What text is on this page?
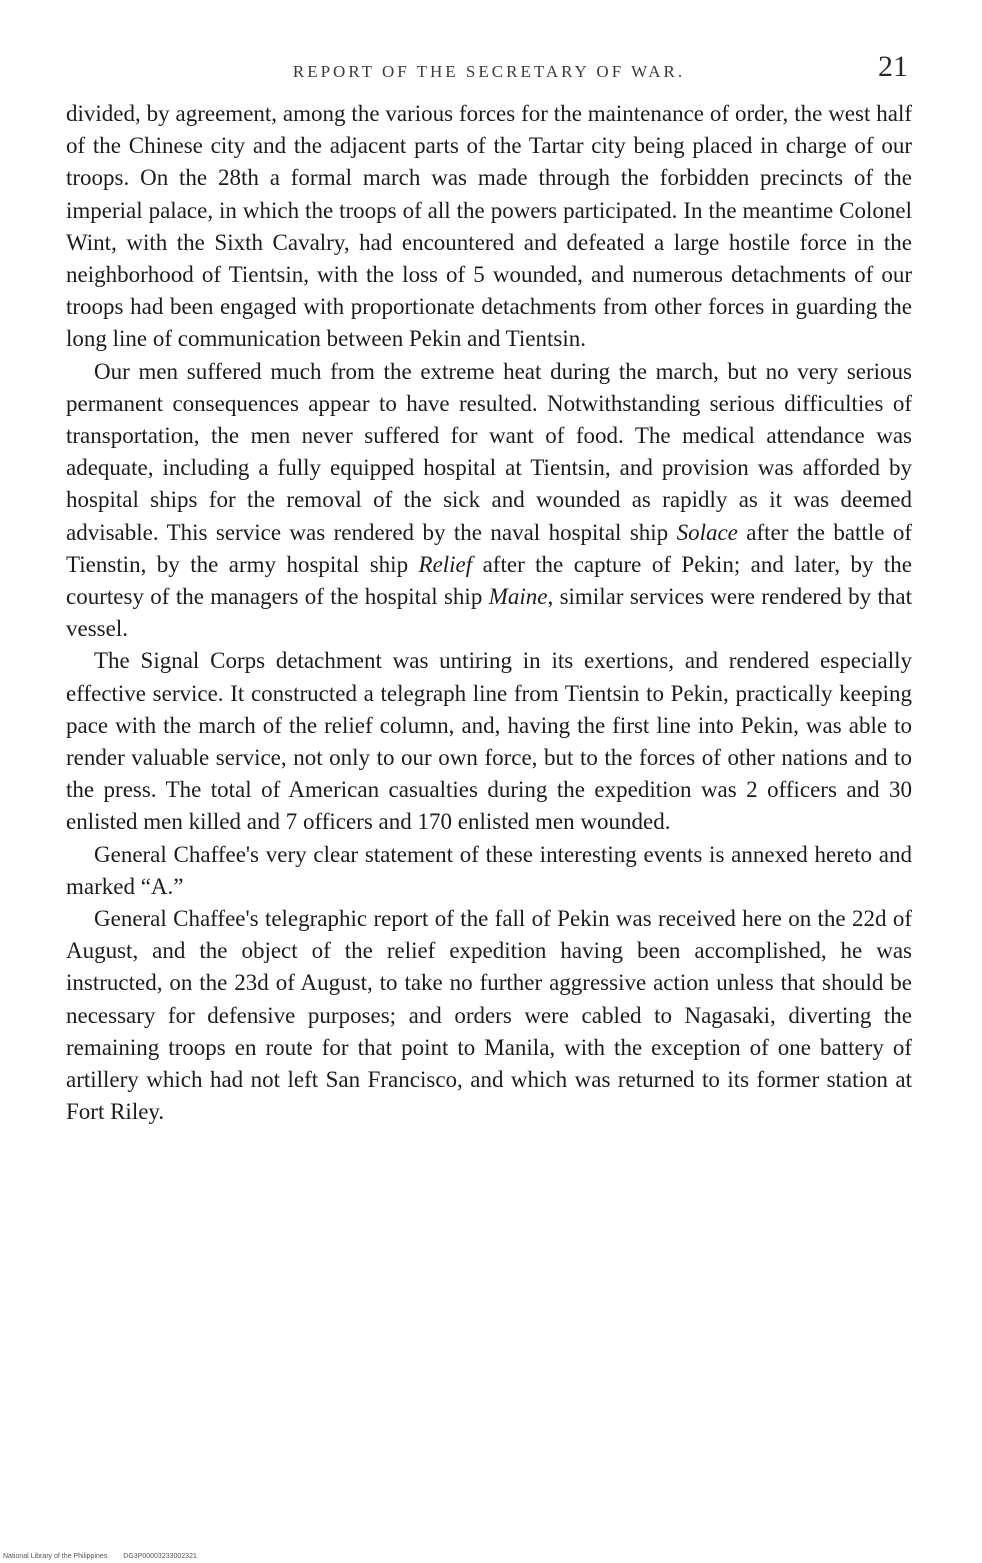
REPORT OF THE SECRETARY OF WAR.	21

divided, by agreement, among the various forces for the maintenance of order, the west half of the Chinese city and the adjacent parts of the Tartar city being placed in charge of our troops. On the 28th a formal march was made through the forbidden precincts of the imperial palace, in which the troops of all the powers participated. In the meantime Colonel Wint, with the Sixth Cavalry, had encountered and defeated a large hostile force in the neighborhood of Tientsin, with the loss of 5 wounded, and numerous detachments of our troops had been engaged with proportionate detachments from other forces in guarding the long line of communication between Pekin and Tientsin.

Our men suffered much from the extreme heat during the march, but no very serious permanent consequences appear to have resulted. Notwithstanding serious difficulties of transportation, the men never suffered for want of food. The medical attendance was adequate, including a fully equipped hospital at Tientsin, and provision was afforded by hospital ships for the removal of the sick and wounded as rapidly as it was deemed advisable. This service was rendered by the naval hospital ship Solace after the battle of Tienstin, by the army hospital ship Relief after the capture of Pekin; and later, by the courtesy of the managers of the hospital ship Maine, similar services were rendered by that vessel.

The Signal Corps detachment was untiring in its exertions, and rendered especially effective service. It constructed a telegraph line from Tientsin to Pekin, practically keeping pace with the march of the relief column, and, having the first line into Pekin, was able to render valuable service, not only to our own force, but to the forces of other nations and to the press. The total of American casualties during the expedition was 2 officers and 30 enlisted men killed and 7 officers and 170 enlisted men wounded.

General Chaffee's very clear statement of these interesting events is annexed hereto and marked “A.”

General Chaffee's telegraphic report of the fall of Pekin was received here on the 22d of August, and the object of the relief expedition having been accomplished, he was instructed, on the 23d of August, to take no further aggressive action unless that should be necessary for defensive purposes; and orders were cabled to Nagasaki, diverting the remaining troops en route for that point to Manila, with the exception of one battery of artillery which had not left San Francisco, and which was returned to its former station at Fort Riley.

National Library of the Philippines DG3P00003233002321
